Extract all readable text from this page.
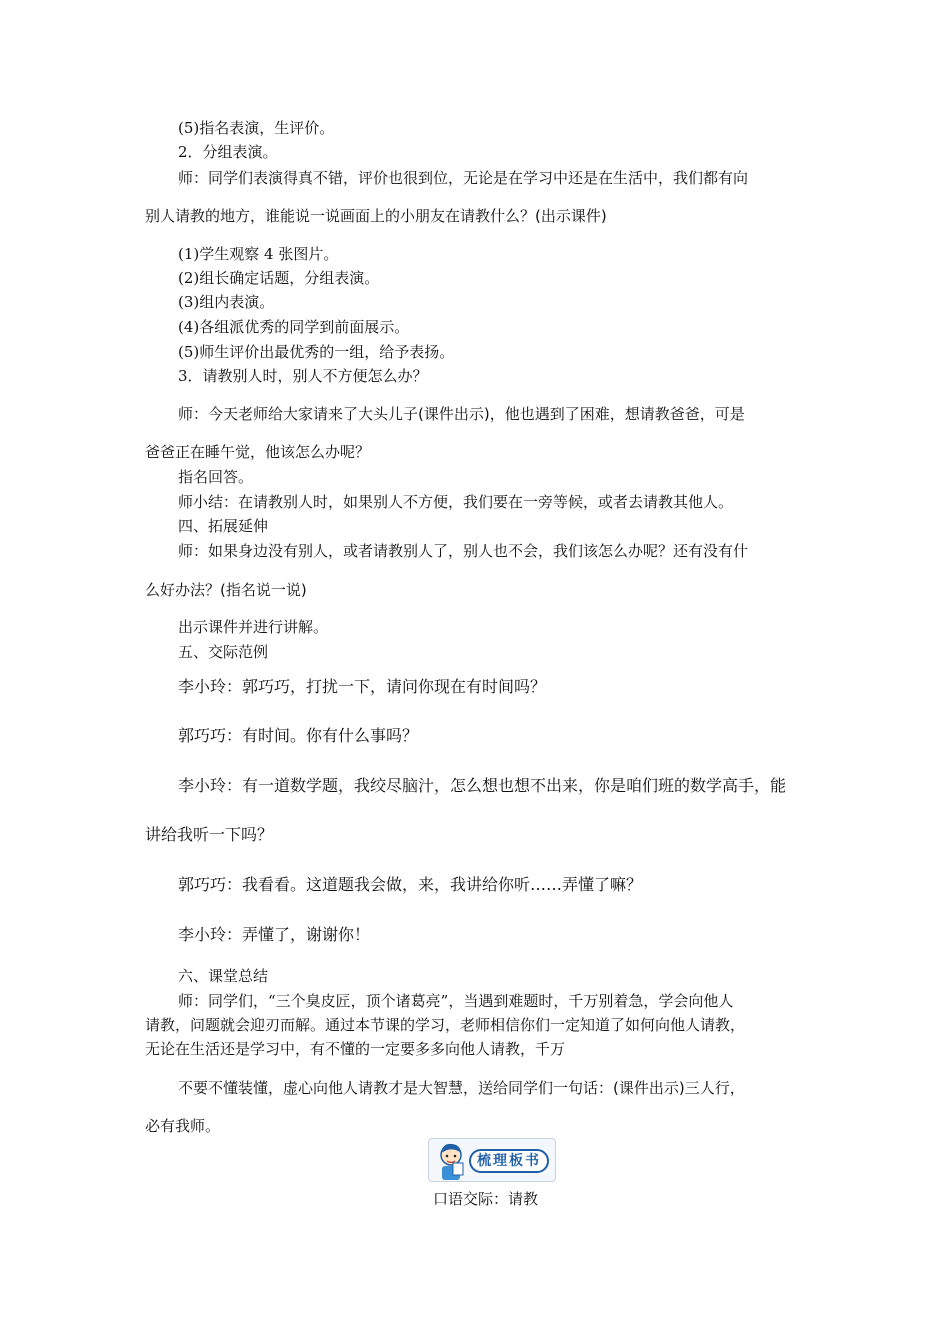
(5)指名表演，生评价。
2．分组表演。
师：同学们表演得真不错，评价也很到位，无论是在学习中还是在生活中，我们都有向
别人请教的地方，谁能说一说画面上的小朋友在请教什么？(出示课件)
(1)学生观察 4 张图片。
(2)组长确定话题，分组表演。
(3)组内表演。
(4)各组派优秀的同学到前面展示。
(5)师生评价出最优秀的一组，给予表扬。
3．请教别人时，别人不方便怎么办？
师：今天老师给大家请来了大头儿子(课件出示)，他也遇到了困难，想请教爸爸，可是
爸爸正在睡午觉，他该怎么办呢？
指名回答。
师小结：在请教别人时，如果别人不方便，我们要在一旁等候，或者去请教其他人。
四、拓展延伸
师：如果身边没有别人，或者请教别人了，别人也不会，我们该怎么办呢？还有没有什
么好办法？(指名说一说)
出示课件并进行讲解。
五、交际范例
李小玲：郭巧巧，打扰一下，请问你现在有时间吗？
郭巧巧：有时间。你有什么事吗？
李小玲：有一道数学题，我绞尽脑汁，怎么想也想不出来，你是咱们班的数学高手，能
讲给我听一下吗？
郭巧巧：我看看。这道题我会做，来，我讲给你听……弄懂了嘛？
李小玲：弄懂了，谢谢你！
六、课堂总结
师：同学们，“三个臭皮匠，顶个诸葛亮”，当遇到难题时，千万别着急，学会向他人
请教，问题就会迎刃而解。通过本节课的学习，老师相信你们一定知道了如何向他人请教，
无论在生活还是学习中，有不懂的一定要多多向他人请教，千万
不要不懂装懂，虚心向他人请教才是大智慧，送给同学们一句话：(课件出示)三人行，
必有我师。
梳理板书
口语交际：请教
